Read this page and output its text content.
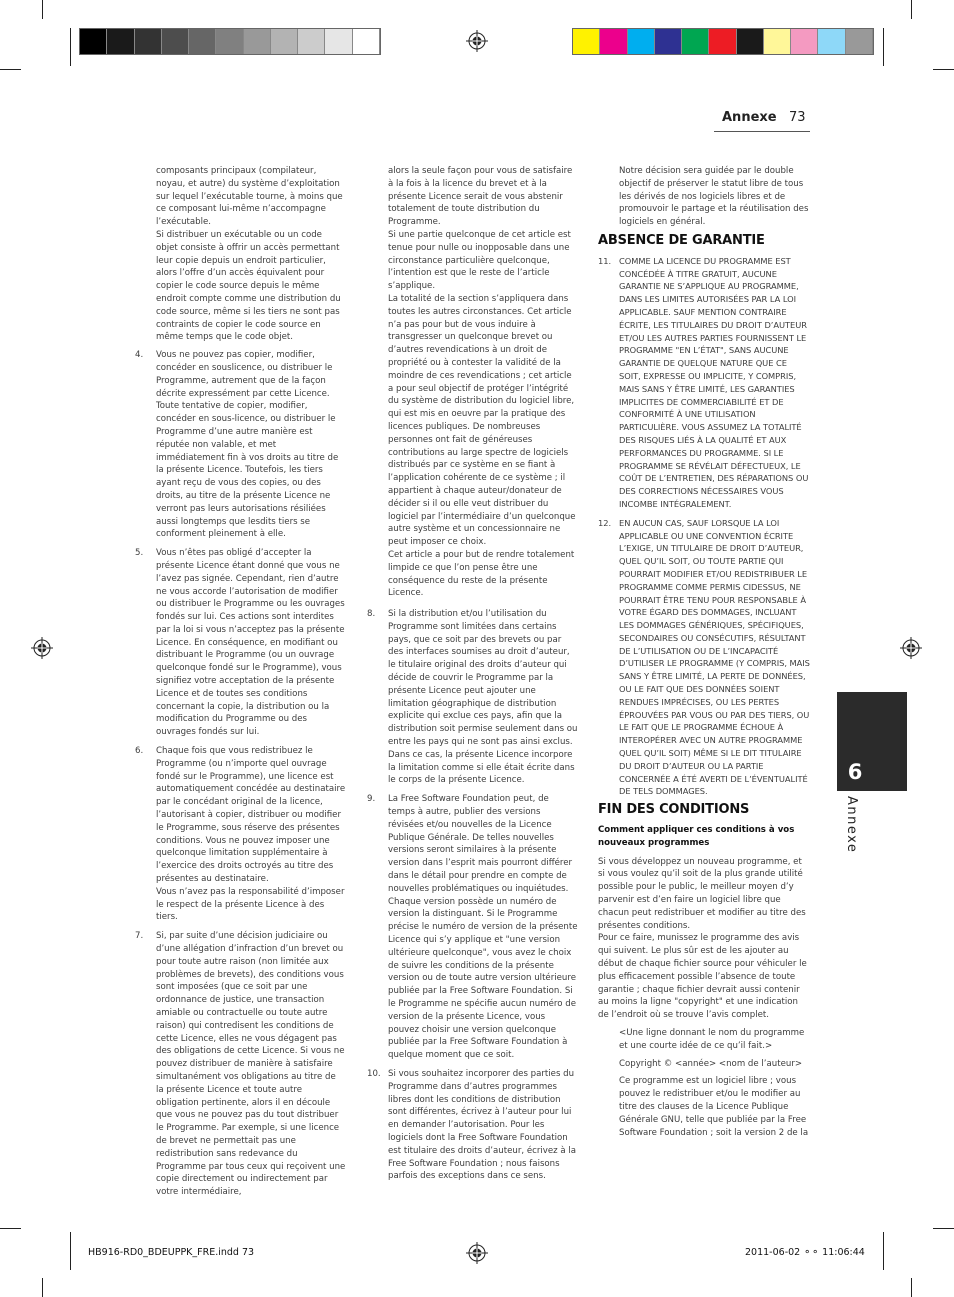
Annexe 73
6
Annexe

composants principaux (compilateur, noyau, et autre) du système d’exploitation sur lequel l’exécutable tourne, à moins que ce composant lui-même n’accompagne l’exécutable.

Si distribuer un exécutable ou un code objet consiste à offrir un accès permettant leur copie depuis un endroit particulier, alors l’offre d’un accès équivalent pour copier le code source depuis le même endroit compte comme une distribution du code source, même si les tiers ne sont pas contraints de copier le code source en même temps que le code objet.

4. Vous ne pouvez pas copier, modifier, concéder en souslicence, ou distribuer le Programme, autrement que de la façon décrite expressément par cette Licence. Toute tentative de copier, modifier, concéder en sous-licence, ou distribuer le Programme d’une autre manière est réputée non valable, et met immédiatement fin à vos droits au titre de la présente Licence. Toutefois, les tiers ayant reçu de vous des copies, ou des droits, au titre de la présente Licence ne verront pas leurs autorisations résiliées aussi longtemps que lesdits tiers se conforment pleinement à elle.
5. Vous n’êtes pas obligé d’accepter la présente Licence étant donné que vous ne l’avez pas signée. Cependant, rien d’autre ne vous accorde l’autorisation de modifier ou distribuer le Programme ou les ouvrages fondés sur lui. Ces actions sont interdites par la loi si vous n’acceptez pas la présente Licence. En conséquence, en modifiant ou distribuant le Programme (ou un ouvrage quelconque fondé sur le Programme), vous signifiez votre acceptation de la présente Licence et de toutes ses conditions concernant la copie, la distribution ou la modification du Programme ou des ouvrages fondés sur lui.
6. Chaque fois que vous redistribuez le Programme (ou n’importe quel ouvrage fondé sur le Programme), une licence est automatiquement concédée au destinataire par le concédant original de la licence, l’autorisant à copier, distribuer ou modifier le Programme, sous réserve des présentes conditions. Vous ne pouvez imposer une quelconque limitation supplémentaire à l’exercice des droits octroyés au titre des présentes au destinataire.
Vous n’avez pas la responsabilité d’imposer le respect de la présente Licence à des tiers.
7. Si, par suite d’une décision judiciaire ou d’une allégation d’infraction d’un brevet ou pour toute autre raison (non limitée aux problèmes de brevets), des conditions vous sont imposées (que ce soit par une ordonnance de justice, une transaction amiable ou contractuelle ou toute autre raison) qui contredisent les conditions de cette Licence, elles ne vous dégagent pas des obligations de cette Licence. Si vous ne pouvez distribuer de manière à satisfaire simultanément vos obligations au titre de la présente Licence et toute autre obligation pertinente, alors il en découle que vous ne pouvez pas du tout distribuer le Programme. Par exemple, si une licence de brevet ne permettait pas une redistribution sans redevance du Programme par tous ceux qui reçoivent une copie directement ou indirectement par votre intermédiaire,
alors la seule façon pour vous de satisfaire à la fois à la licence du brevet et à la présente Licence serait de vous abstenir totalement de toute distribution du Programme.
Si une partie quelconque de cet article est tenue pour nulle ou inopposable dans une circonstance particulière quelconque, l’intention est que le reste de l’article s’applique.
La totalité de la section s’appliquera dans toutes les autres circonstances. Cet article n’a pas pour but de vous induire à transgresser un quelconque brevet ou d’autres revendications à un droit de propriété ou à contester la validité de la moindre de ces revendications ; cet article a pour seul objectif de protéger l’intégrité du système de distribution du logiciel libre, qui est mis en oeuvre par la pratique des licences publiques. De nombreuses personnes ont fait de généreuses contributions au large spectre de logiciels distribués par ce système en se fiant à l’application cohérente de ce système ; il appartient à chaque auteur/donateur de décider si il ou elle veut distribuer du logiciel par l’intermédiaire d’un quelconque autre système et un concessionnaire ne peut imposer ce choix.
Cet article a pour but de rendre totalement limpide ce que l’on pense être une conséquence du reste de la présente Licence.
8. Si la distribution et/ou l’utilisation du Programme sont limitées dans certains pays, que ce soit par des brevets ou par des interfaces soumises au droit d’auteur, le titulaire original des droits d’auteur qui décide de couvrir le Programme par la présente Licence peut ajouter une limitation géographique de distribution explicite qui exclue ces pays, afin que la distribution soit permise seulement dans ou entre les pays qui ne sont pas ainsi exclus. Dans ce cas, la présente Licence incorpore la limitation comme si elle était écrite dans le corps de la présente Licence.
9. La Free Software Foundation peut, de temps à autre, publier des versions révisées et/ou nouvelles de la Licence Publique Générale. De telles nouvelles versions seront similaires à la présente version dans l’esprit mais pourront différer dans le détail pour prendre en compte de nouvelles problématiques ou inquiétudes.
Chaque version possède un numéro de version la distinguant. Si le Programme précise le numéro de version de la présente Licence qui s’y applique et "une version ultérieure quelconque", vous avez le choix de suivre les conditions de la présente version ou de toute autre version ultérieure publiée par la Free Software Foundation. Si le Programme ne spécifie aucun numéro de version de la présente Licence, vous pouvez choisir une version quelconque publiée par la Free Software Foundation à quelque moment que ce soit.
10. Si vous souhaitez incorporer des parties du Programme dans d’autres programmes libres dont les conditions de distribution sont différentes, écrivez à l’auteur pour lui en demander l’autorisation. Pour les logiciels dont la Free Software Foundation est titulaire des droits d’auteur, écrivez à la Free Software Foundation ; nous faisons parfois des exceptions dans ce sens.

Notre décision sera guidée par le double objectif de préserver le statut libre de tous les dérivés de nos logiciels libres et de promouvoir le partage et la réutilisation des logiciels en général.

ABSENCE DE GARANTIE
11. COMME LA LICENCE DU PROGRAMME EST CONCÉDÉE À TITRE GRATUIT, AUCUNE GARANTIE NE S’APPLIQUE AU PROGRAMME, DANS LES LIMITES AUTORISÉES PAR LA LOI APPLICABLE. SAUF MENTION CONTRAIRE ÉCRITE, LES TITULAIRES DU DROIT D’AUTEUR ET/OU LES AUTRES PARTIES FOURNISSENT LE PROGRAMME "EN L’ÉTAT", SANS AUCUNE GARANTIE DE QUELQUE NATURE QUE CE SOIT, EXPRESSE OU IMPLICITE, Y COMPRIS, MAIS SANS Y ÊTRE LIMITÉ, LES GARANTIES IMPLICITES DE COMMERCIABILITÉ ET DE CONFORMITÉ À UNE UTILISATION PARTICULIÈRE. VOUS ASSUMEZ LA TOTALITÉ DES RISQUES LIÉS À LA QUALITÉ ET AUX PERFORMANCES DU PROGRAMME. SI LE PROGRAMME SE RÉVÉLAIT DÉFECTUEUX, LE COÛT DE L’ENTRETIEN, DES RÉPARATIONS OU DES CORRECTIONS NÉCESSAIRES VOUS INCOMBE INTÉGRALEMENT.
12. EN AUCUN CAS, SAUF LORSQUE LA LOI APPLICABLE OU UNE CONVENTION ÉCRITE L’EXIGE, UN TITULAIRE DE DROIT D’AUTEUR, QUEL QU’IL SOIT, OU TOUTE PARTIE QUI POURRAIT MODIFIER ET/OU REDISTRIBUER LE PROGRAMME COMME PERMIS CIDESSUS, NE POURRAIT ÊTRE TENU POUR RESPONSABLE À VOTRE ÉGARD DES DOMMAGES, INCLUANT LES DOMMAGES GÉNÉRIQUES, SPÉCIFIQUES, SECONDAIRES OU CONSÉCUTIFS, RÉSULTANT DE L’UTILISATION OU DE L’INCAPACITÉ D’UTILISER LE PROGRAMME (Y COMPRIS, MAIS SANS Y ÊTRE LIMITÉ, LA PERTE DE DONNÉES, OU LE FAIT QUE DES DONNÉES SOIENT RENDUES IMPRÉCISES, OU LES PERTES ÉPROUVÉES PAR VOUS OU PAR DES TIERS, OU LE FAIT QUE LE PROGRAMME ÉCHOUE À INTEROPÉRER AVEC UN AUTRE PROGRAMME QUEL QU’IL SOIT) MÊME SI LE DIT TITULAIRE DU DROIT D’AUTEUR OU LA PARTIE CONCERNÉE A ÉTÉ AVERTI DE L’ÉVENTUALITÉ DE TELS DOMMAGES.
FIN DES CONDITIONS
Comment appliquer ces conditions à vos nouveaux programmes
Si vous développez un nouveau programme, et si vous voulez qu’il soit de la plus grande utilité possible pour le public, le meilleur moyen d’y parvenir est d’en faire un logiciel libre que chacun peut redistribuer et modifier au titre des présentes conditions.

Pour ce faire, munissez le programme des avis qui suivent. Le plus sûr est de les ajouter au début de chaque fichier source pour véhiculer le plus efficacement possible l’absence de toute garantie ; chaque fichier devrait aussi contenir au moins la ligne "copyright" et une indication de l’endroit où se trouve l’avis complet.

<Une ligne donnant le nom du programme et une courte idée de ce qu’il fait.>

Copyright © <année> <nom de l’auteur>

Ce programme est un logiciel libre ; vous pouvez le redistribuer et/ou le modifier au titre des clauses de la Licence Publique Générale GNU, telle que publiée par la Free Software Foundation ; soit la version 2 de la

HB916-RD0_BDEUPPK_FRE.indd 73	2011-06-02 ⚬⚬ 11:06:44
